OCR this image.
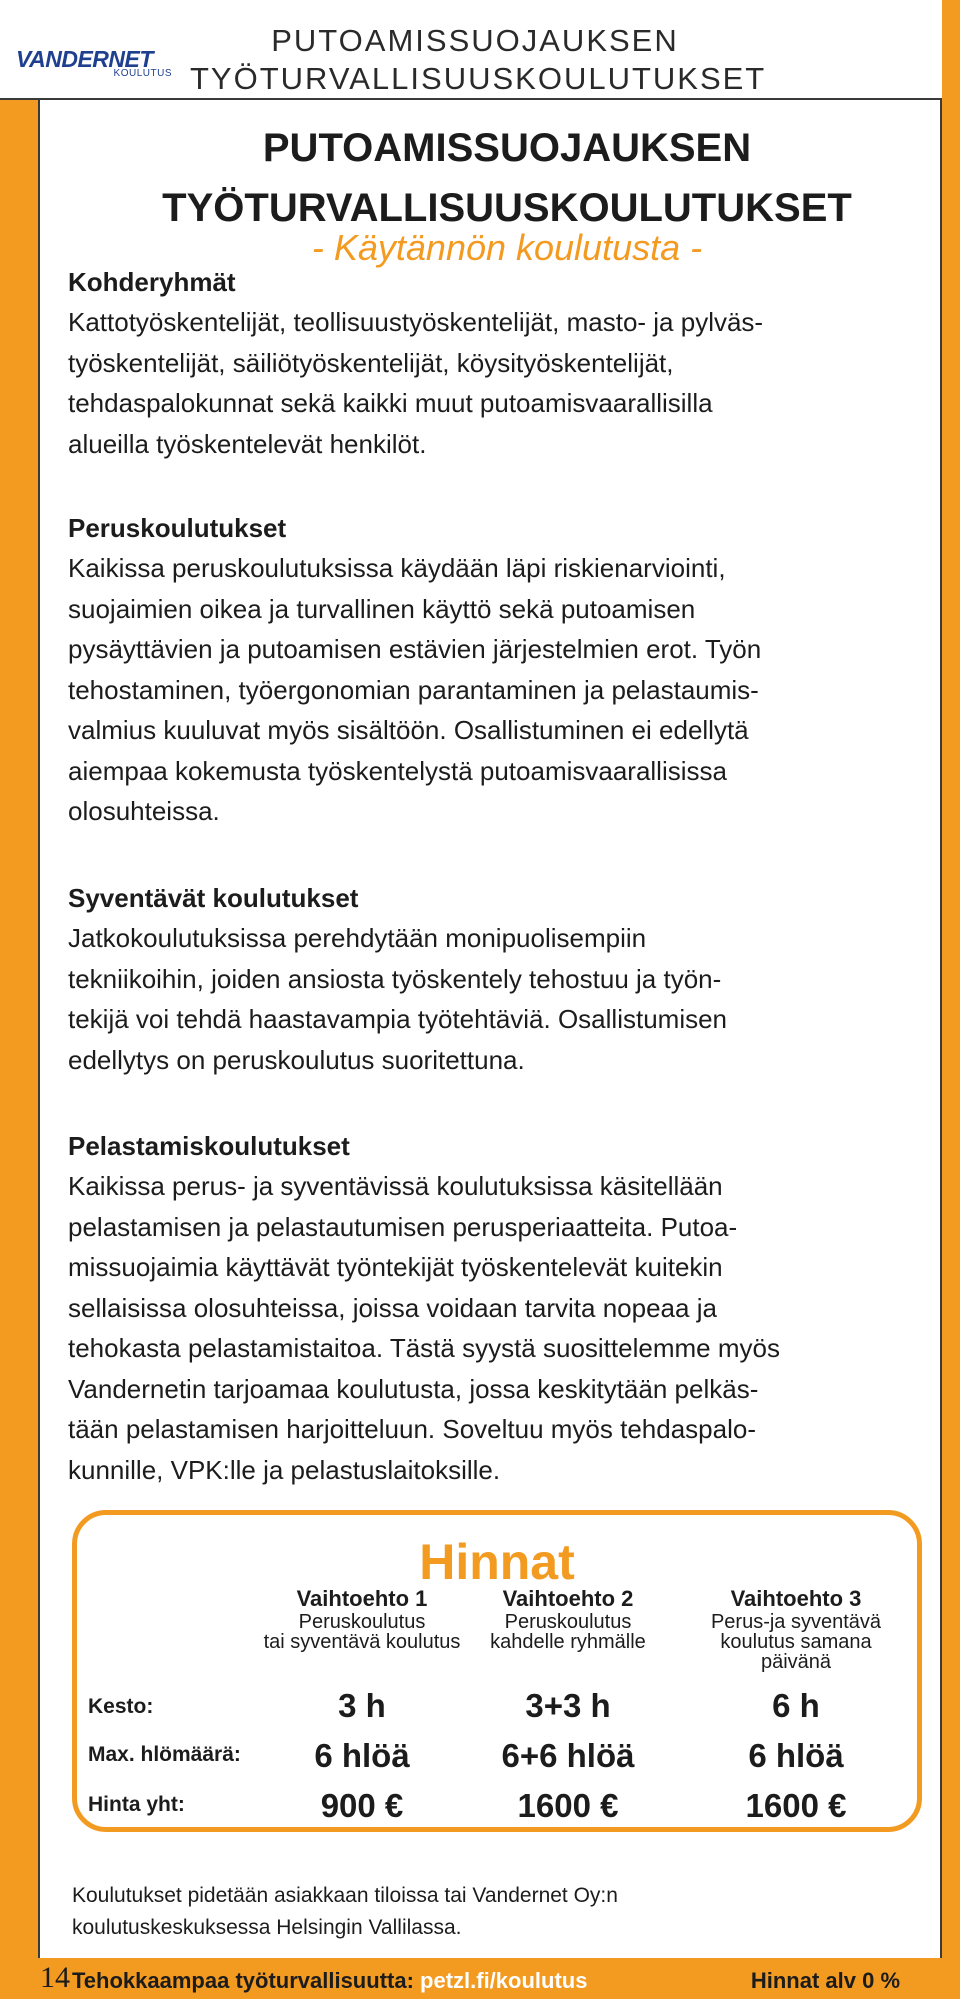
VANDERNET
KOULUTUS
PUTOAMISSUOJAUKSEN
TYÖTURVALLISUUSKOULUTUKSET
PUTOAMISSUOJAUKSEN
TYÖTURVALLISUUSKOULUTUKSET
- Käytännön koulutusta -
Kohderyhmät

Kattotyöskentelijät, teollisuustyöskentelijät, masto- ja pylväs-

työskentelijät, säiliötyöskentelijät, köysityöskentelijät,

tehdaspalokunnat sekä kaikki muut putoamisvaarallisilla

alueilla työskentelevät henkilöt.

Peruskoulutukset

Kaikissa peruskoulutuksissa käydään läpi riskienarviointi,

suojaimien oikea ja turvallinen käyttö sekä putoamisen

pysäyttävien ja putoamisen estävien järjestelmien erot. Työn

tehostaminen, työergonomian parantaminen ja pelastaumis-

valmius kuuluvat myös sisältöön. Osallistuminen ei edellytä

aiempaa kokemusta työskentelystä putoamisvaarallisissa

olosuhteissa.

Syventävät koulutukset

Jatkokoulutuksissa perehdytään monipuolisempiin

tekniikoihin, joiden ansiosta työskentely tehostuu ja työn-

tekijä voi tehdä haastavampia työtehtäviä. Osallistumisen

edellytys on peruskoulutus suoritettuna.

Pelastamiskoulutukset

Kaikissa perus- ja syventävissä koulutuksissa käsitellään

pelastamisen ja pelastautumisen perusperiaatteita. Putoa-

missuojaimia käyttävät työntekijät työskentelevät kuitekin

sellaisissa olosuhteissa, joissa voidaan tarvita nopeaa ja

tehokasta pelastamistaitoa. Tästä syystä suosittelemme myös

Vandernetin tarjoamaa koulutusta, jossa keskitytään pelkäs-

tään pelastamisen harjoitteluun. Soveltuu myös tehdaspalo-

kunnille, VPK:lle ja pelastuslaitoksille.

Hinnat
Kesto:
Max. hlömäärä:
Hinta yht:
Vaihtoehto 1
Peruskoulutus
tai syventävä koulutus
3 h
6 hlöä
900 €
Vaihtoehto 2
Peruskoulutus
kahdelle ryhmälle
3+3 h
6+6 hlöä
1600 €
Vaihtoehto 3
Perus-ja syventävä
koulutus samana
päivänä
6 h
6 hlöä
1600 €
Koulutukset pidetään asiakkaan tiloissa tai Vandernet Oy:n
koulutuskeskuksessa Helsingin Vallilassa.
14 Tehokkaampaa työturvallisuutta: petzl.fi/koulutus	Hinnat alv 0 %
